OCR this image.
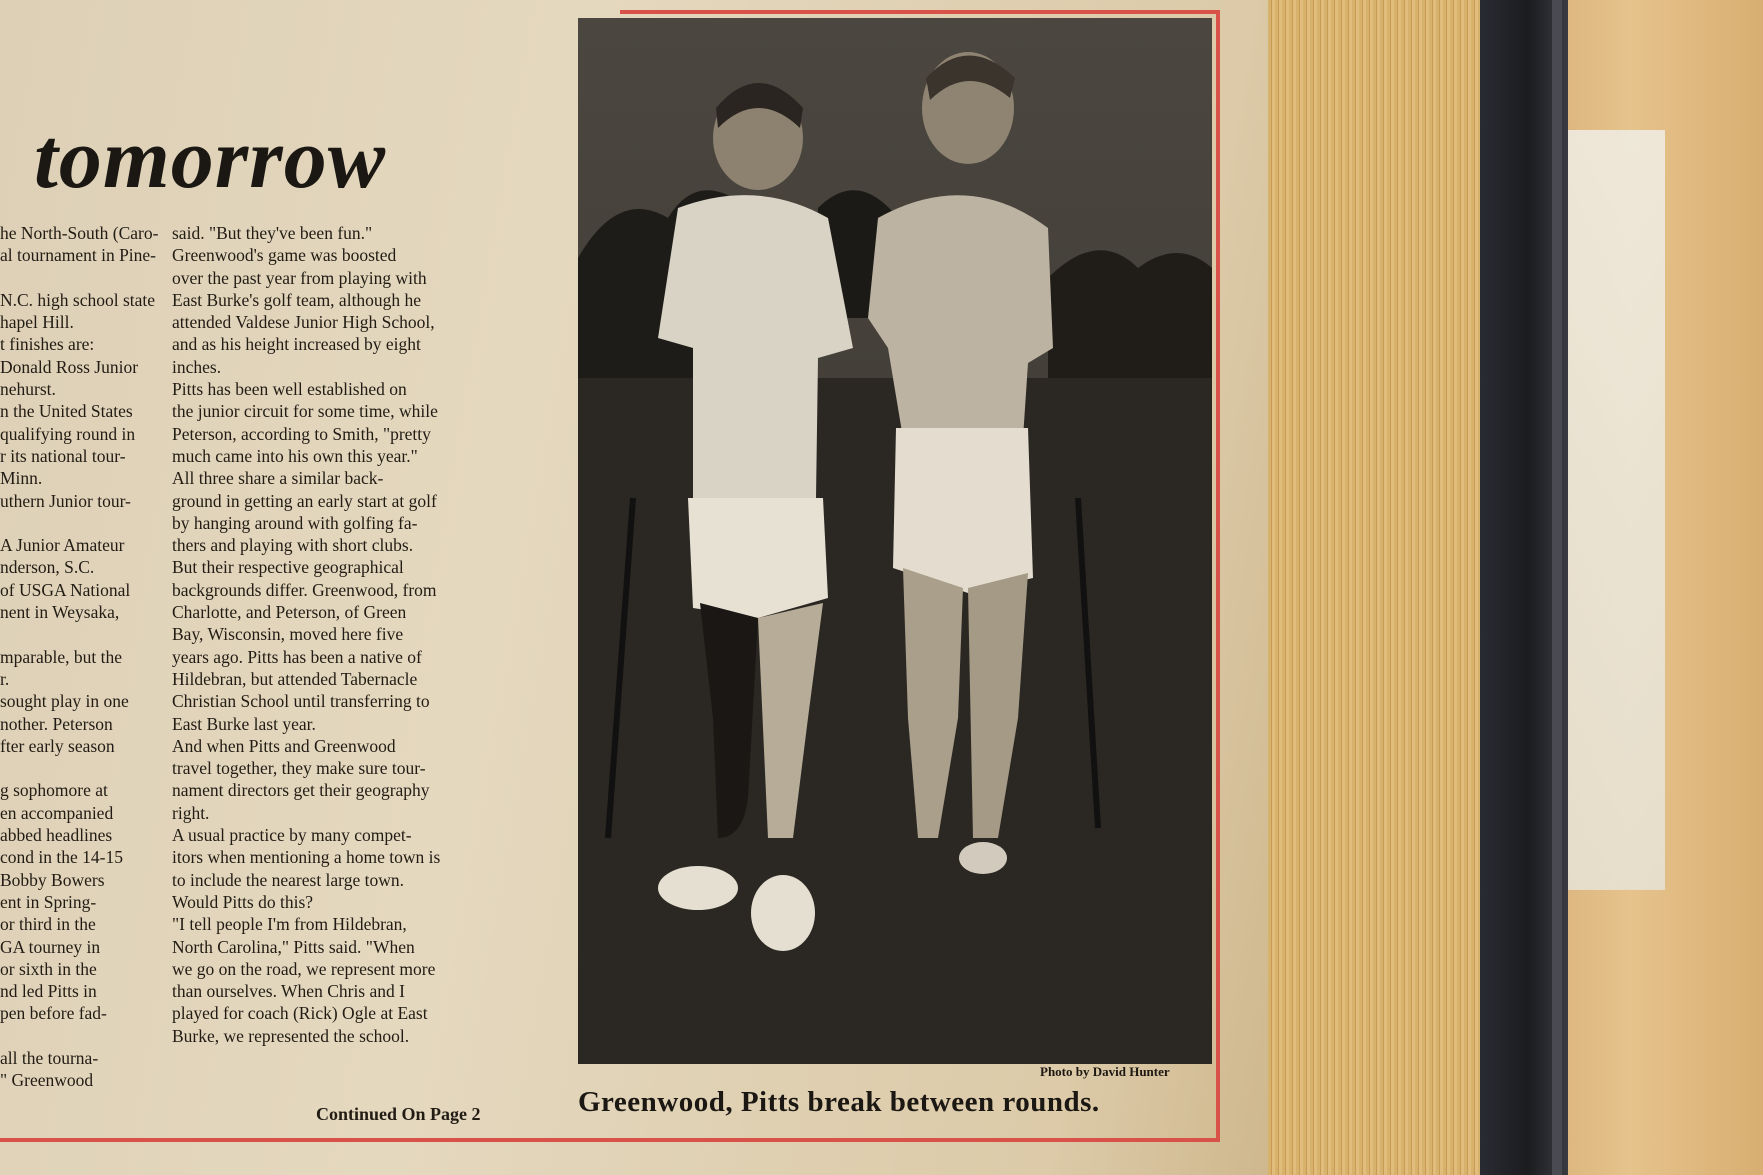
tomorrow

he North-South (Caro-

al tournament in Pine-

N.C. high school state

hapel Hill.

t finishes are:

Donald Ross Junior

nehurst.

n the United States

qualifying round in

r its national tour-

Minn.

uthern Junior tour-

A Junior Amateur

nderson, S.C.

of USGA National

nent in Weysaka,

mparable, but the

r.

sought play in one

nother. Peterson

fter early season

g sophomore at

en accompanied

abbed headlines

cond in the 14-15

Bobby Bowers

ent in Spring-

or third in the

GA tourney in

or sixth in the

nd led Pitts in

pen before fad-

all the tourna-

" Greenwood

said. "But they've been fun."

Greenwood's game was boosted

over the past year from playing with

East Burke's golf team, although he

attended Valdese Junior High School,

and as his height increased by eight

inches.

Pitts has been well established on

the junior circuit for some time, while

Peterson, according to Smith, "pretty

much came into his own this year."

All three share a similar back-

ground in getting an early start at golf

by hanging around with golfing fa-

thers and playing with short clubs.

But their respective geographical

backgrounds differ. Greenwood, from

Charlotte, and Peterson, of Green

Bay, Wisconsin, moved here five

years ago. Pitts has been a native of

Hildebran, but attended Tabernacle

Christian School until transferring to

East Burke last year.

And when Pitts and Greenwood

travel together, they make sure tour-

nament directors get their geography

right.

A usual practice by many compet-

itors when mentioning a home town is

to include the nearest large town.

Would Pitts do this?

"I tell people I'm from Hildebran,

North Carolina," Pitts said. "When

we go on the road, we represent more

than ourselves. When Chris and I

played for coach (Rick) Ogle at East

Burke, we represented the school.

Continued On Page 2
Photo by David Hunter
Greenwood, Pitts break between rounds.
